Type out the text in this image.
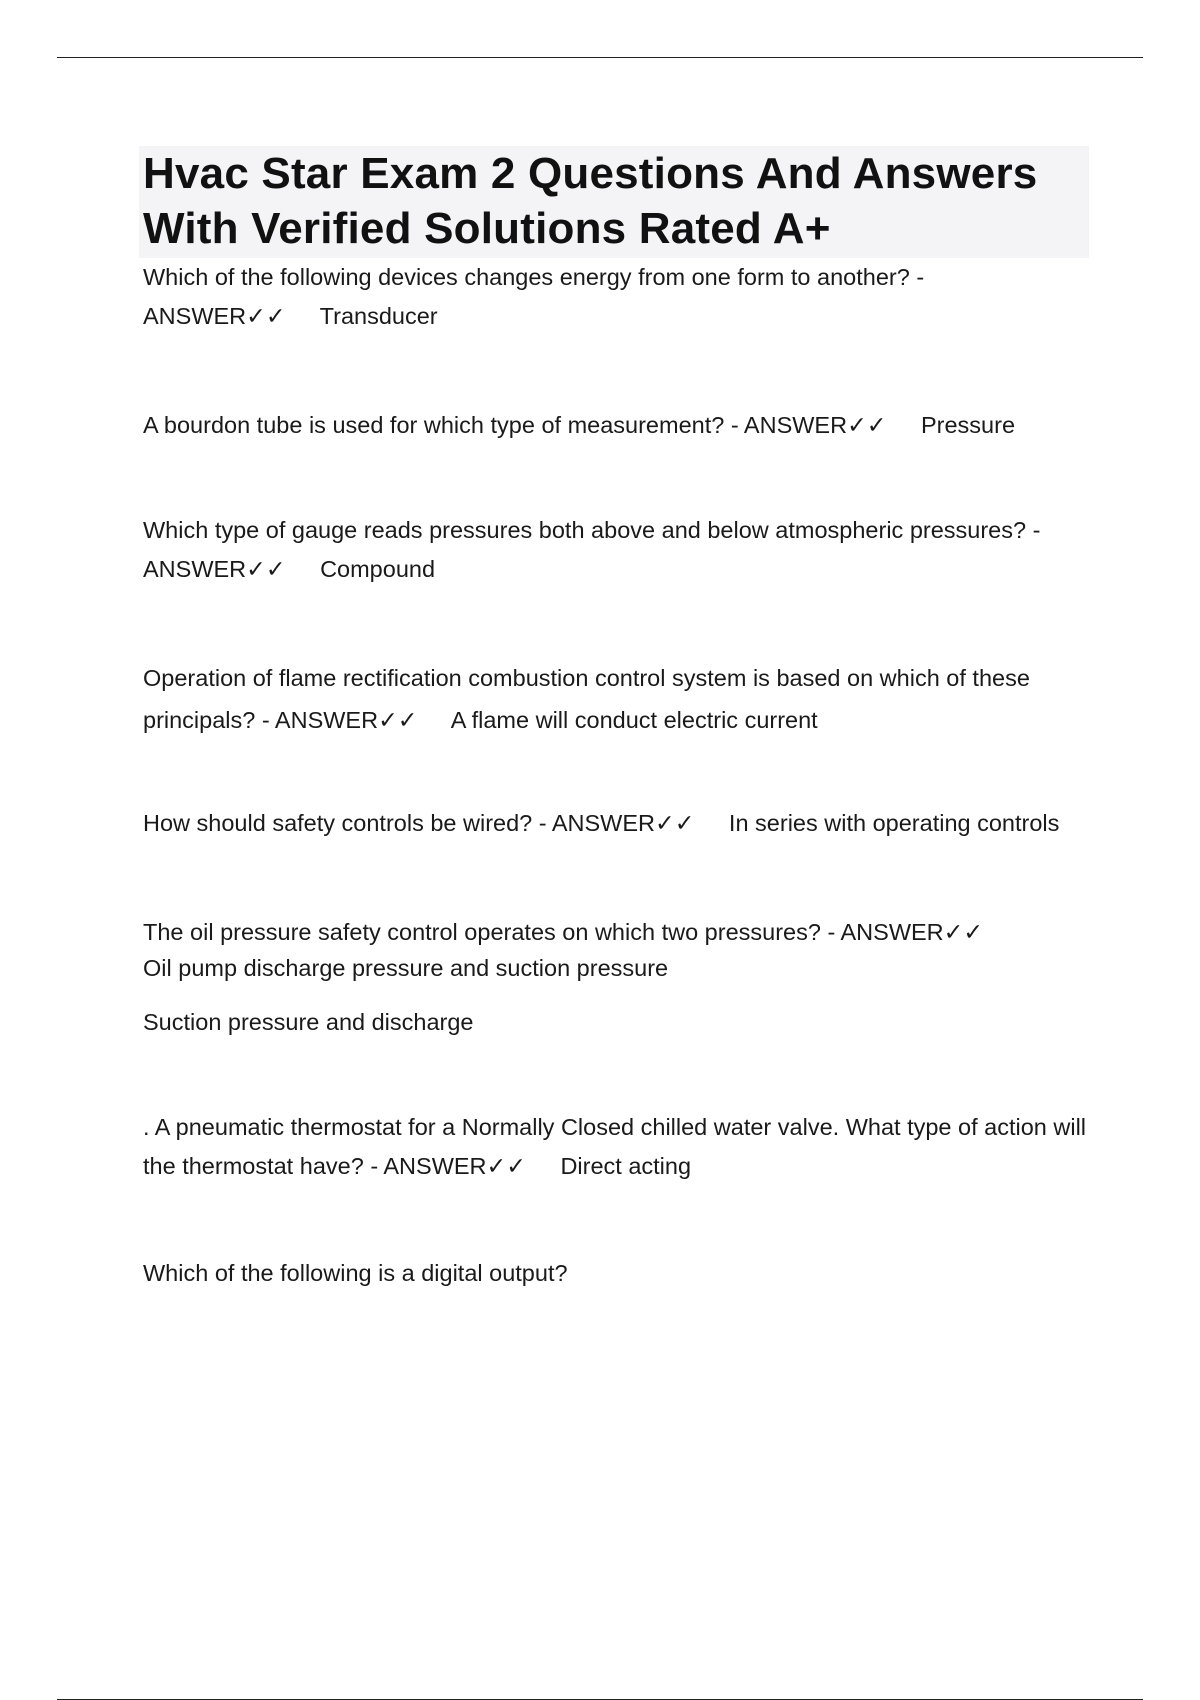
Hvac Star Exam 2 Questions And Answers With Verified Solutions Rated A+

Which of the following devices changes energy from one form to another? - ANSWER✓✓ Transducer

A bourdon tube is used for which type of measurement? - ANSWER✓✓ Pressure

Which type of gauge reads pressures both above and below atmospheric pressures? - ANSWER✓✓ Compound

Operation of flame rectification combustion control system is based on which of these principals? - ANSWER✓✓ A flame will conduct electric current

How should safety controls be wired? - ANSWER✓✓ In series with operating controls

The oil pressure safety control operates on which two pressures? - ANSWER✓✓
Oil pump discharge pressure and suction pressure

Suction pressure and discharge

. A pneumatic thermostat for a Normally Closed chilled water valve. What type of action will the thermostat have? - ANSWER✓✓ Direct acting

Which of the following is a digital output?
